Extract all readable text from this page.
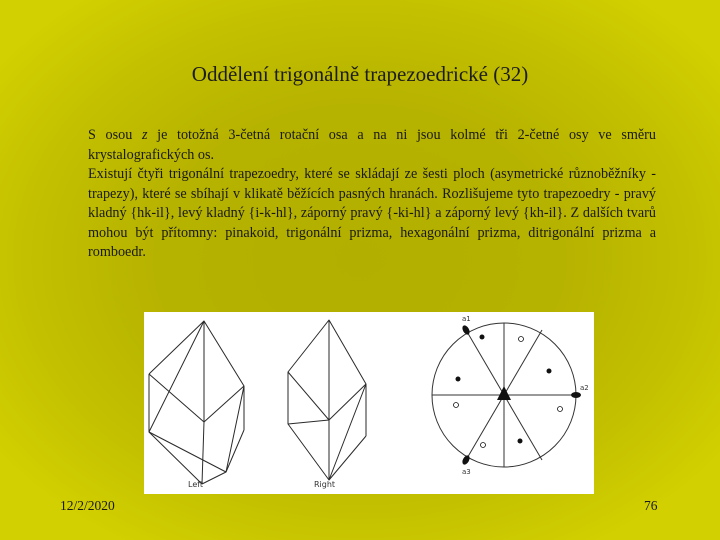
Oddělení trigonálně trapezoedrické (32)

S osou z je totožná 3-četná rotační osa a na ni jsou kolmé tři 2-četné osy ve směru krystalografických os.

Existují čtyři trigonální trapezoedry, které se skládají ze šesti ploch (asymetrické různoběžníky - trapezy), které se sbíhají v klikatě běžících pasných hranách. Rozlišujeme tyto trapezoedry - pravý kladný {hk-il}, levý kladný {i-k-hl}, záporný pravý {-ki-hl} a záporný levý {kh-il}. Z dalších tvarů mohou být přítomny: pinakoid, trigonální prizma, hexagonální prizma, ditrigonální prizma a romboedr.

Left	Right
a1
a2
a3
12/2/2020	76
